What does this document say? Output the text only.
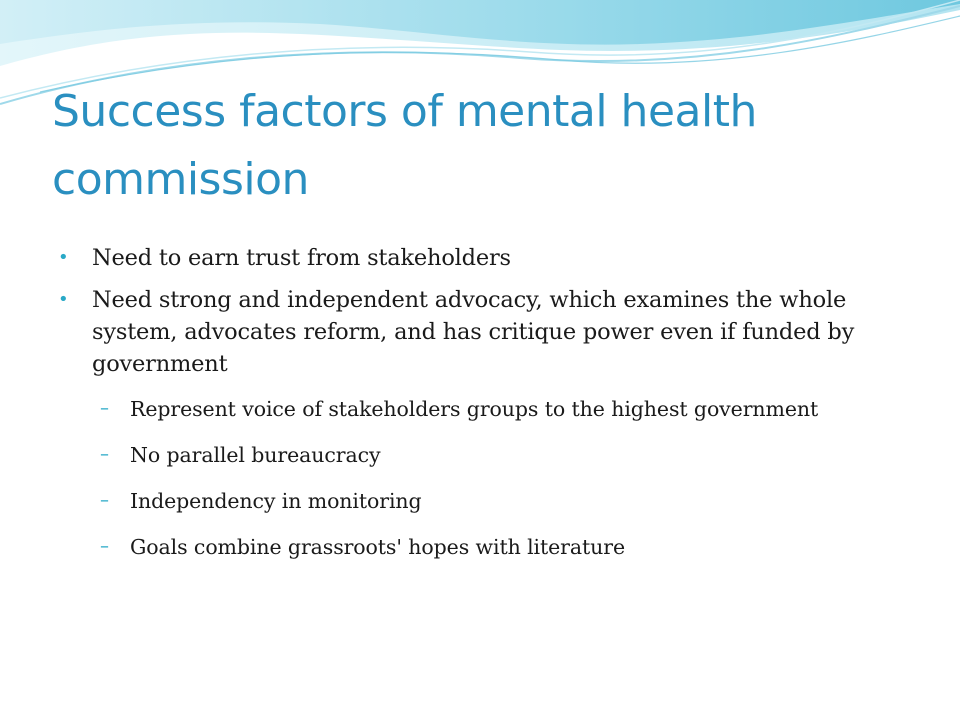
Success factors of mental health commission
• Need to earn trust from stakeholders
• Need strong and independent advocacy, which examines the whole system, advocates reform, and has critique power even if funded by government
– Represent voice of stakeholders groups to the highest government
– No parallel bureaucracy
– Independency in monitoring
– Goals combine grassroots' hopes with literature
